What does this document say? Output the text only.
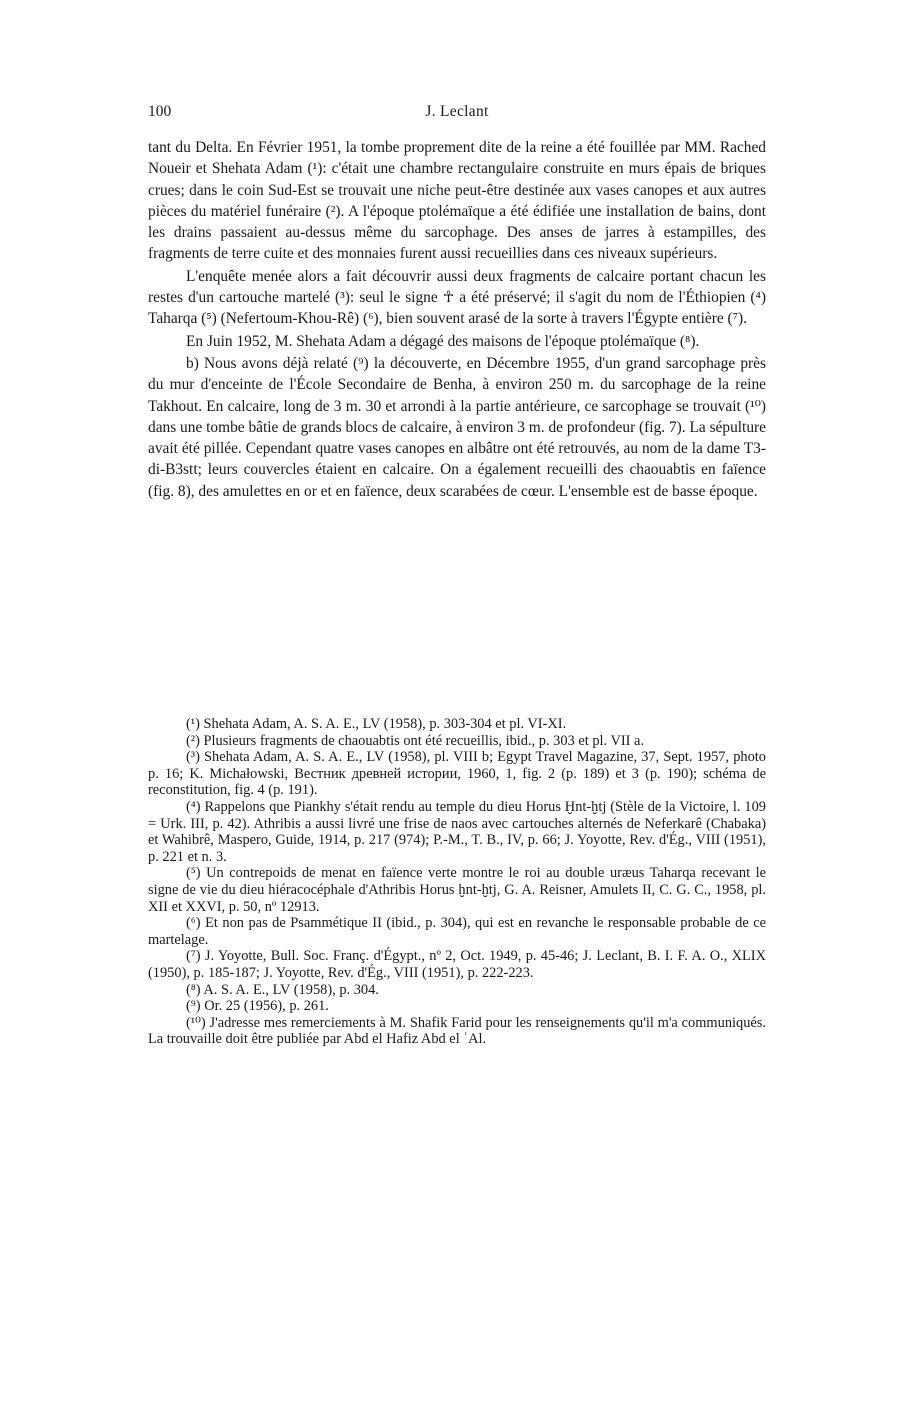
100	J. Leclant

tant du Delta. En Février 1951, la tombe proprement dite de la reine a été fouillée par MM. Rached Noueir et Shehata Adam (¹): c'était une chambre rectangulaire construite en murs épais de briques crues; dans le coin Sud-Est se trouvait une niche peut-être destinée aux vases canopes et aux autres pièces du matériel funéraire (²). A l'époque ptolémaïque a été édifiée une installation de bains, dont les drains passaient au-dessus même du sarcophage. Des anses de jarres à estampilles, des fragments de terre cuite et des monnaies furent aussi recueillies dans ces niveaux supérieurs.

L'enquête menée alors a fait découvrir aussi deux fragments de calcaire portant chacun les restes d'un cartouche martelé (³): seul le signe ☥ a été préservé; il s'agit du nom de l'Éthiopien (⁴) Taharqa (⁵) (Nefertoum-Khou-Rê) (⁶), bien souvent arasé de la sorte à travers l'Égypte entière (⁷).

En Juin 1952, M. Shehata Adam a dégagé des maisons de l'époque ptolémaïque (⁸).

b) Nous avons déjà relaté (⁹) la découverte, en Décembre 1955, d'un grand sarcophage près du mur d'enceinte de l'École Secondaire de Benha, à environ 250 m. du sarcophage de la reine Takhout. En calcaire, long de 3 m. 30 et arrondi à la partie antérieure, ce sarcophage se trouvait (¹⁰) dans une tombe bâtie de grands blocs de calcaire, à environ 3 m. de profondeur (fig. 7). La sépulture avait été pillée. Cependant quatre vases canopes en albâtre ont été retrouvés, au nom de la dame T3-di-B3stt; leurs couvercles étaient en calcaire. On a également recueilli des chaouabtis en faïence (fig. 8), des amulettes en or et en faïence, deux scarabées de cœur. L'ensemble est de basse époque.

(¹) Shehata Adam, A. S. A. E., LV (1958), p. 303-304 et pl. VI-XI.

(²) Plusieurs fragments de chaouabtis ont été recueillis, ibid., p. 303 et pl. VII a.

(³) Shehata Adam, A. S. A. E., LV (1958), pl. VIII b; Egypt Travel Magazine, 37, Sept. 1957, photo p. 16; K. Michałowski, Вестник древней истории, 1960, 1, fig. 2 (p. 189) et 3 (p. 190); schéma de reconstitution, fig. 4 (p. 191).

(⁴) Rappelons que Piankhy s'était rendu au temple du dieu Horus Ḫnt-ḫtj (Stèle de la Victoire, l. 109 = Urk. III, p. 42). Athribis a aussi livré une frise de naos avec cartouches alternés de Neferkarê (Chabaka) et Wahibrê, Maspero, Guide, 1914, p. 217 (974); P.-M., T. B., IV, p. 66; J. Yoyotte, Rev. d'Ég., VIII (1951), p. 221 et n. 3.

(⁵) Un contrepoids de menat en faïence verte montre le roi au double uræus Taharqa recevant le signe de vie du dieu hiéracocéphale d'Athribis Horus ḫnt-ḫtj, G. A. Reisner, Amulets II, C. G. C., 1958, pl. XII et XXVI, p. 50, nº 12913.

(⁶) Et non pas de Psammétique II (ibid., p. 304), qui est en revanche le responsable probable de ce martelage.

(⁷) J. Yoyotte, Bull. Soc. Franç. d'Égypt., nº 2, Oct. 1949, p. 45-46; J. Leclant, B. I. F. A. O., XLIX (1950), p. 185-187; J. Yoyotte, Rev. d'Ég., VIII (1951), p. 222-223.

(⁸) A. S. A. E., LV (1958), p. 304.

(⁹) Or. 25 (1956), p. 261.

(¹⁰) J'adresse mes remerciements à M. Shafik Farid pour les renseignements qu'il m'a communiqués. La trouvaille doit être publiée par Abd el Hafiz Abd el ʿAl.
